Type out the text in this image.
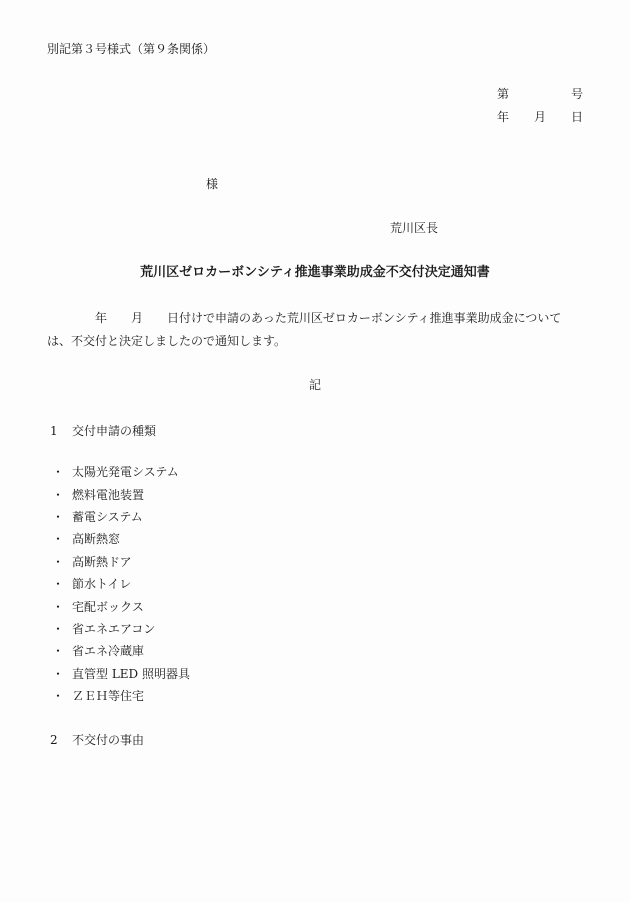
別記第３号様式（第９条関係）
第	号
年 月 日
様
荒川区長
荒川区ゼロカーボンシティ推進事業助成金不交付決定通知書
　　　　年　　月　　日付けで申請のあった荒川区ゼロカーボンシティ推進事業助成金について
は、不交付と決定しましたので通知します。
記
1 交付申請の種類
・ 太陽光発電システム
・ 燃料電池装置
・ 蓄電システム
・ 高断熱窓
・ 高断熱ドア
・ 節水トイレ
・ 宅配ボックス
・ 省エネエアコン
・ 省エネ冷蔵庫
・ 直管型 LED 照明器具
・ ＺＥＨ等住宅
2 不交付の事由
